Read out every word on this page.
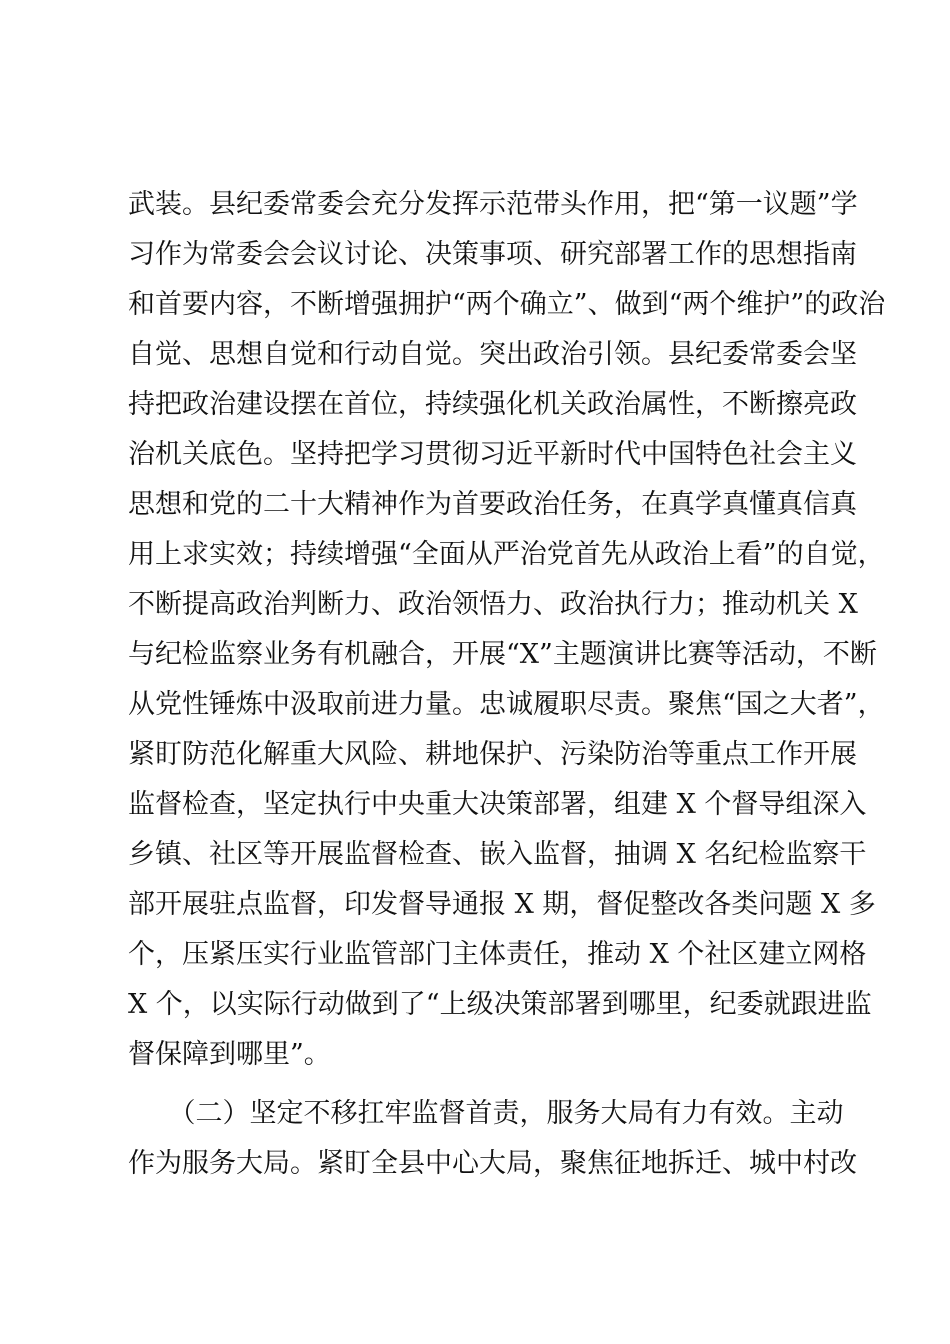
武装。县纪委常委会充分发挥示范带头作用，把“第一议题”学
习作为常委会会议讨论、决策事项、研究部署工作的思想指南
和首要内容，不断增强拥护“两个确立”、做到“两个维护”的政治
自觉、思想自觉和行动自觉。突出政治引领。县纪委常委会坚
持把政治建设摆在首位，持续强化机关政治属性，不断擦亮政
治机关底色。坚持把学习贯彻习近平新时代中国特色社会主义
思想和党的二十大精神作为首要政治任务，在真学真懂真信真
用上求实效；持续增强“全面从严治党首先从政治上看”的自觉，
不断提高政治判断力、政治领悟力、政治执行力；推动机关 X
与纪检监察业务有机融合，开展“X”主题演讲比赛等活动，不断
从党性锤炼中汲取前进力量。忠诚履职尽责。聚焦“国之大者”，
紧盯防范化解重大风险、耕地保护、污染防治等重点工作开展
监督检查，坚定执行中央重大决策部署，组建 X 个督导组深入
乡镇、社区等开展监督检查、嵌入监督，抽调 X 名纪检监察干
部开展驻点监督，印发督导通报 X 期，督促整改各类问题 X 多
个，压紧压实行业监管部门主体责任，推动 X 个社区建立网格
X 个，以实际行动做到了“上级决策部署到哪里，纪委就跟进监
督保障到哪里”。
　　（二）坚定不移扛牢监督首责，服务大局有力有效。主动
作为服务大局。紧盯全县中心大局，聚焦征地拆迁、城中村改
